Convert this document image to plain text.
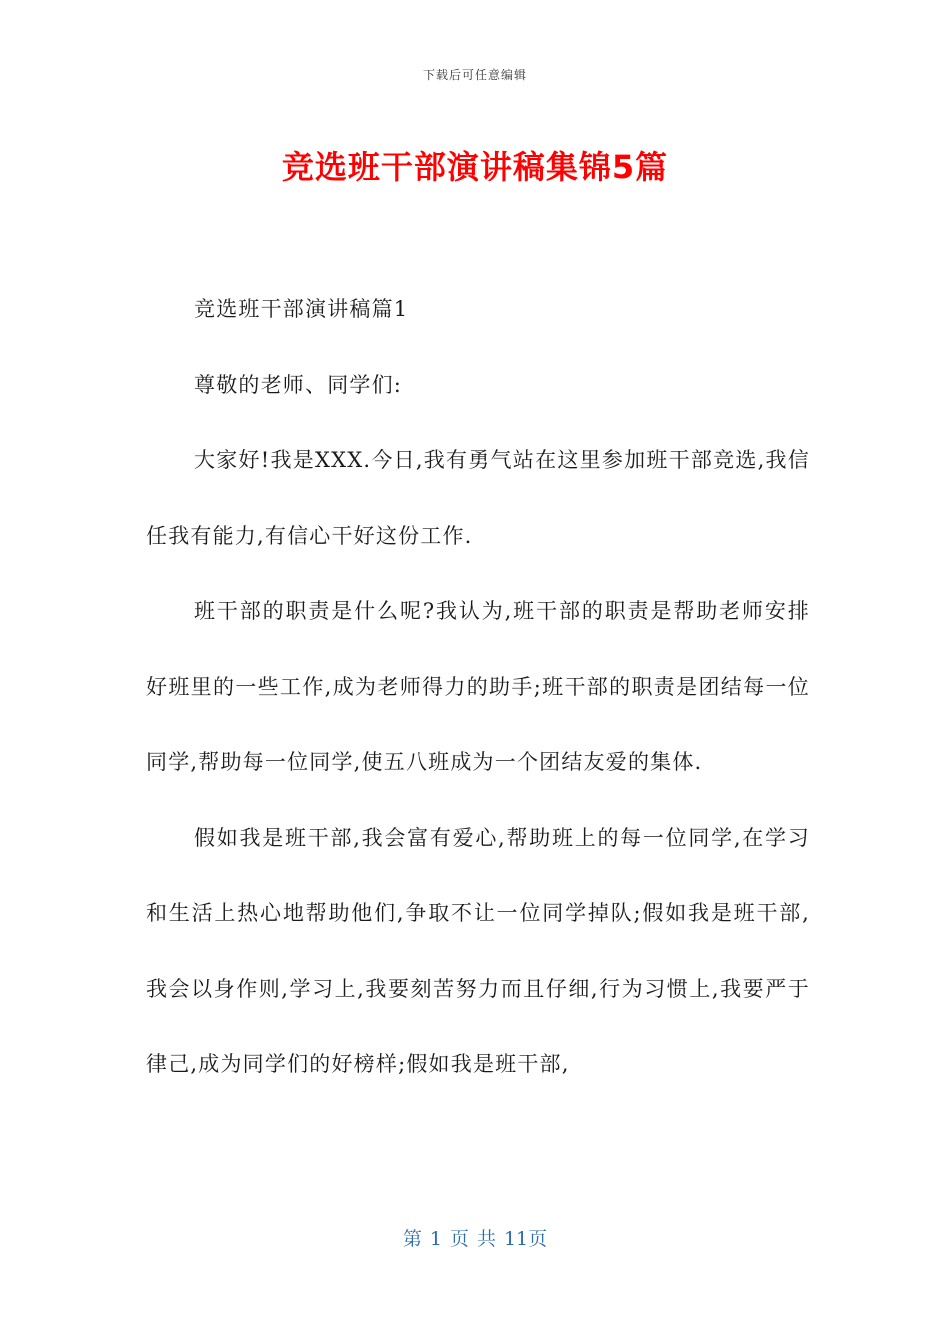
下载后可任意编辑
竞选班干部演讲稿集锦5篇

竞选班干部演讲稿篇1

尊敬的老师、同学们:

大家好!我是XXX.今日,我有勇气站在这里参加班干部竞选,我信任我有能力,有信心干好这份工作.

班干部的职责是什么呢?我认为,班干部的职责是帮助老师安排好班里的一些工作,成为老师得力的助手;班干部的职责是团结每一位同学,帮助每一位同学,使五八班成为一个团结友爱的集体.

假如我是班干部,我会富有爱心,帮助班上的每一位同学,在学习和生活上热心地帮助他们,争取不让一位同学掉队;假如我是班干部,我会以身作则,学习上,我要刻苦努力而且仔细,行为习惯上,我要严于律己,成为同学们的好榜样;假如我是班干部,

第 1 页 共 11页
